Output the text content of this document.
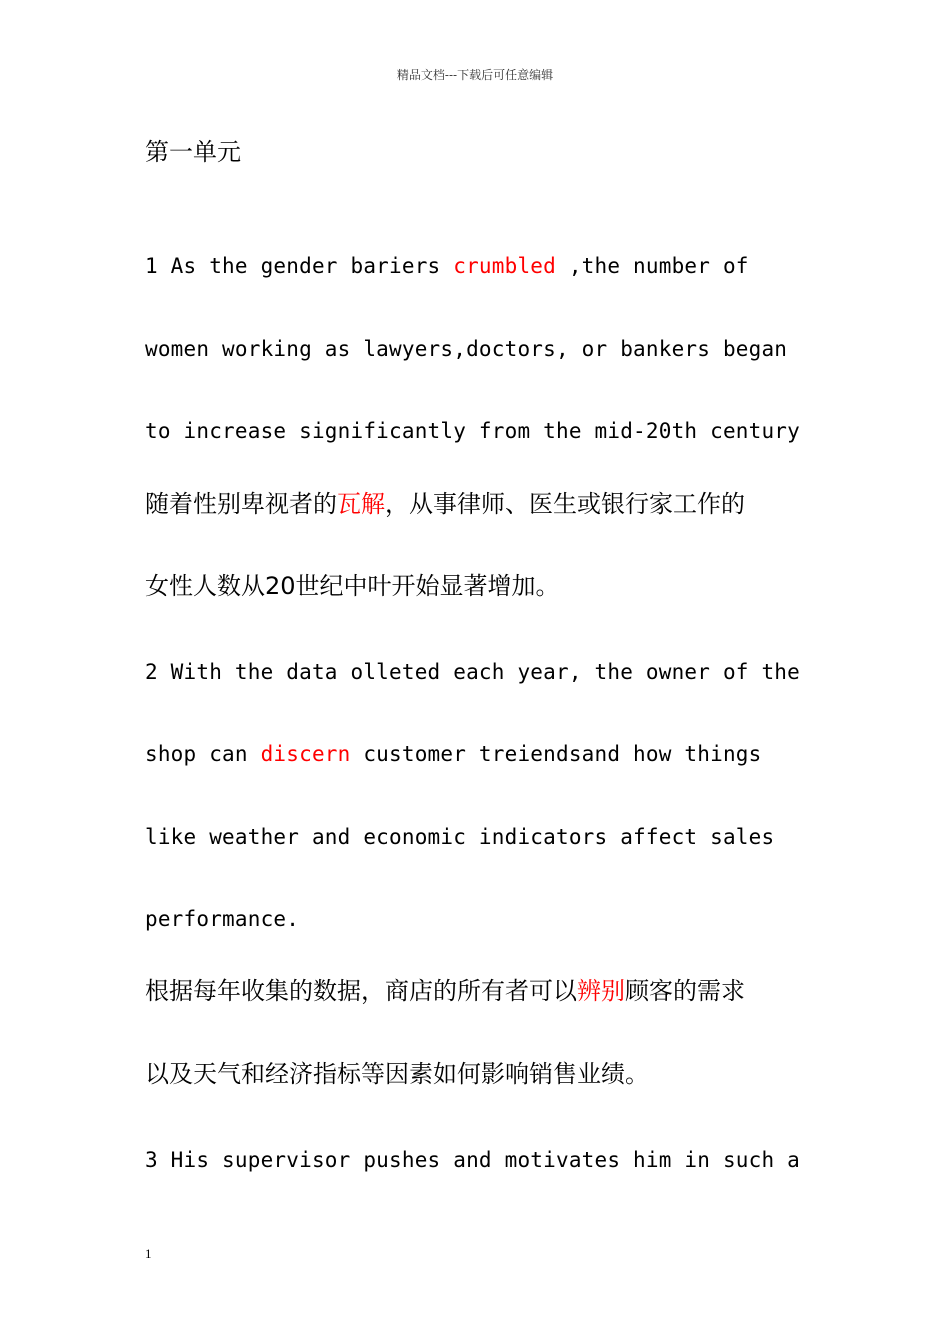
精品文档---下载后可任意编辑
第一单元
1 As the gender bariers crumbled ,the number of
women working as lawyers,doctors, or bankers began
to increase significantly from the mid-20th century
随着性别卑视者的瓦解，从事律师、医生或银行家工作的
女性人数从20世纪中叶开始显著增加。
2 With the data olleted each year, the owner of the
shop can discern customer treiendsand how things
like weather and economic indicators affect sales
performance.
根据每年收集的数据，商店的所有者可以辨别顾客的需求
以及天气和经济指标等因素如何影响销售业绩。
3 His supervisor pushes and motivates him in such a
1
